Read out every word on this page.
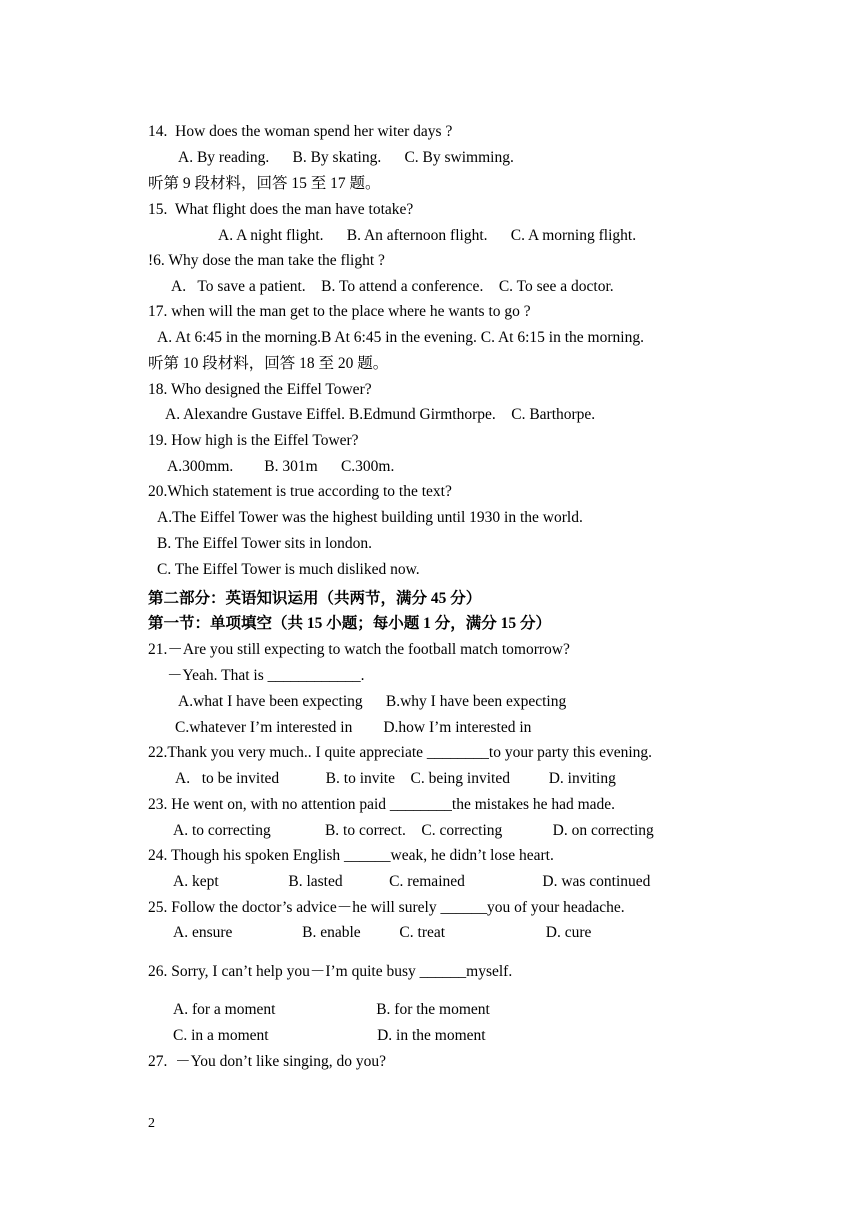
14.  How does the woman spend her witer days ?
A. By reading.      B. By skating.      C. By swimming.
听第 9 段材料，回答 15 至 17 题。
15.  What flight does the man have totake?
A. A night flight.      B. An afternoon flight.      C. A morning flight.
!6. Why dose the man take the flight ?
A.   To save a patient.    B. To attend a conference.    C. To see a doctor.
17. when will the man get to the place where he wants to go ?
A. At 6:45 in the morning.B At 6:45 in the evening. C. At 6:15 in the morning.
听第 10 段材料，回答 18 至 20 题。
18. Who designed the Eiffel Tower?
A. Alexandre Gustave Eiffel. B.Edmund Girmthorpe.    C. Barthorpe.
19. How high is the Eiffel Tower?
A.300mm.        B. 301m      C.300m.
20.Which statement is true according to the text?
A.The Eiffel Tower was the highest building until 1930 in the world.
B. The Eiffel Tower sits in london.
C. The Eiffel Tower is much disliked now.
第二部分：英语知识运用（共两节，满分 45 分）
第一节：单项填空（共 15 小题；每小题 1 分，满分 15 分）
21.－Are you still expecting to watch the football match tomorrow?
－Yeah. That is ____________.
A.what I have been expecting      B.why I have been expecting
C.whatever I’m interested in        D.how I’m interested in
22.Thank you very much.. I quite appreciate ________to your party this evening.
A.   to be invited            B. to invite    C. being invited          D. inviting
23. He went on, with no attention paid ________the mistakes he had made.
A. to correcting              B. to correct.    C. correcting             D. on correcting
24. Though his spoken English ______weak, he didn’t lose heart.
A. kept                  B. lasted            C. remained                    D. was continued
25. Follow the doctor’s advice－he will surely ______you of your headache.
A. ensure                  B. enable          C. treat                          D. cure
26. Sorry, I can’t help you－I’m quite busy ______myself.
A. for a moment                          B. for the moment
C. in a moment                            D. in the moment
27.  －You don’t like singing, do you?
2
